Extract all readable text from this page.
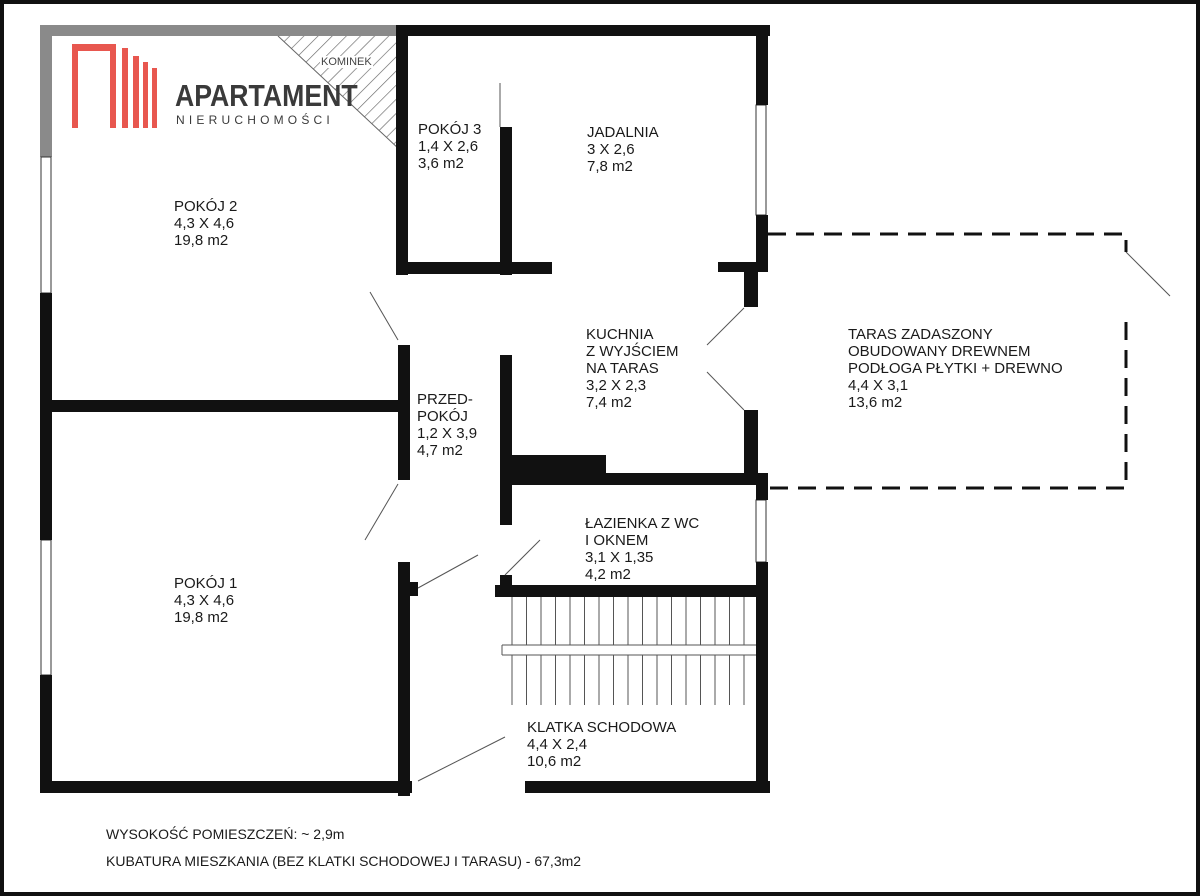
APARTAMENT
NIERUCHOMOŚCI
KOMINEK
POKÓJ 3
1,4 X 2,6
3,6 m2
JADALNIA
3 X 2,6
7,8 m2
POKÓJ 2
4,3 X 4,6
19,8 m2
KUCHNIA
Z WYJŚCIEM
NA TARAS
3,2 X 2,3
7,4 m2
TARAS ZADASZONY
OBUDOWANY DREWNEM
PODŁOGA PŁYTKI + DREWNO
4,4 X 3,1
13,6 m2
PRZED-
POKÓJ
1,2 X 3,9
4,7 m2
ŁAZIENKA Z WC
I OKNEM
3,1 X 1,35
4,2 m2
POKÓJ 1
4,3 X 4,6
19,8 m2
KLATKA SCHODOWA
4,4 X 2,4
10,6 m2
WYSOKOŚĆ POMIESZCZEŃ: ~ 2,9m
KUBATURA MIESZKANIA (BEZ KLATKI SCHODOWEJ I TARASU) - 67,3m2
